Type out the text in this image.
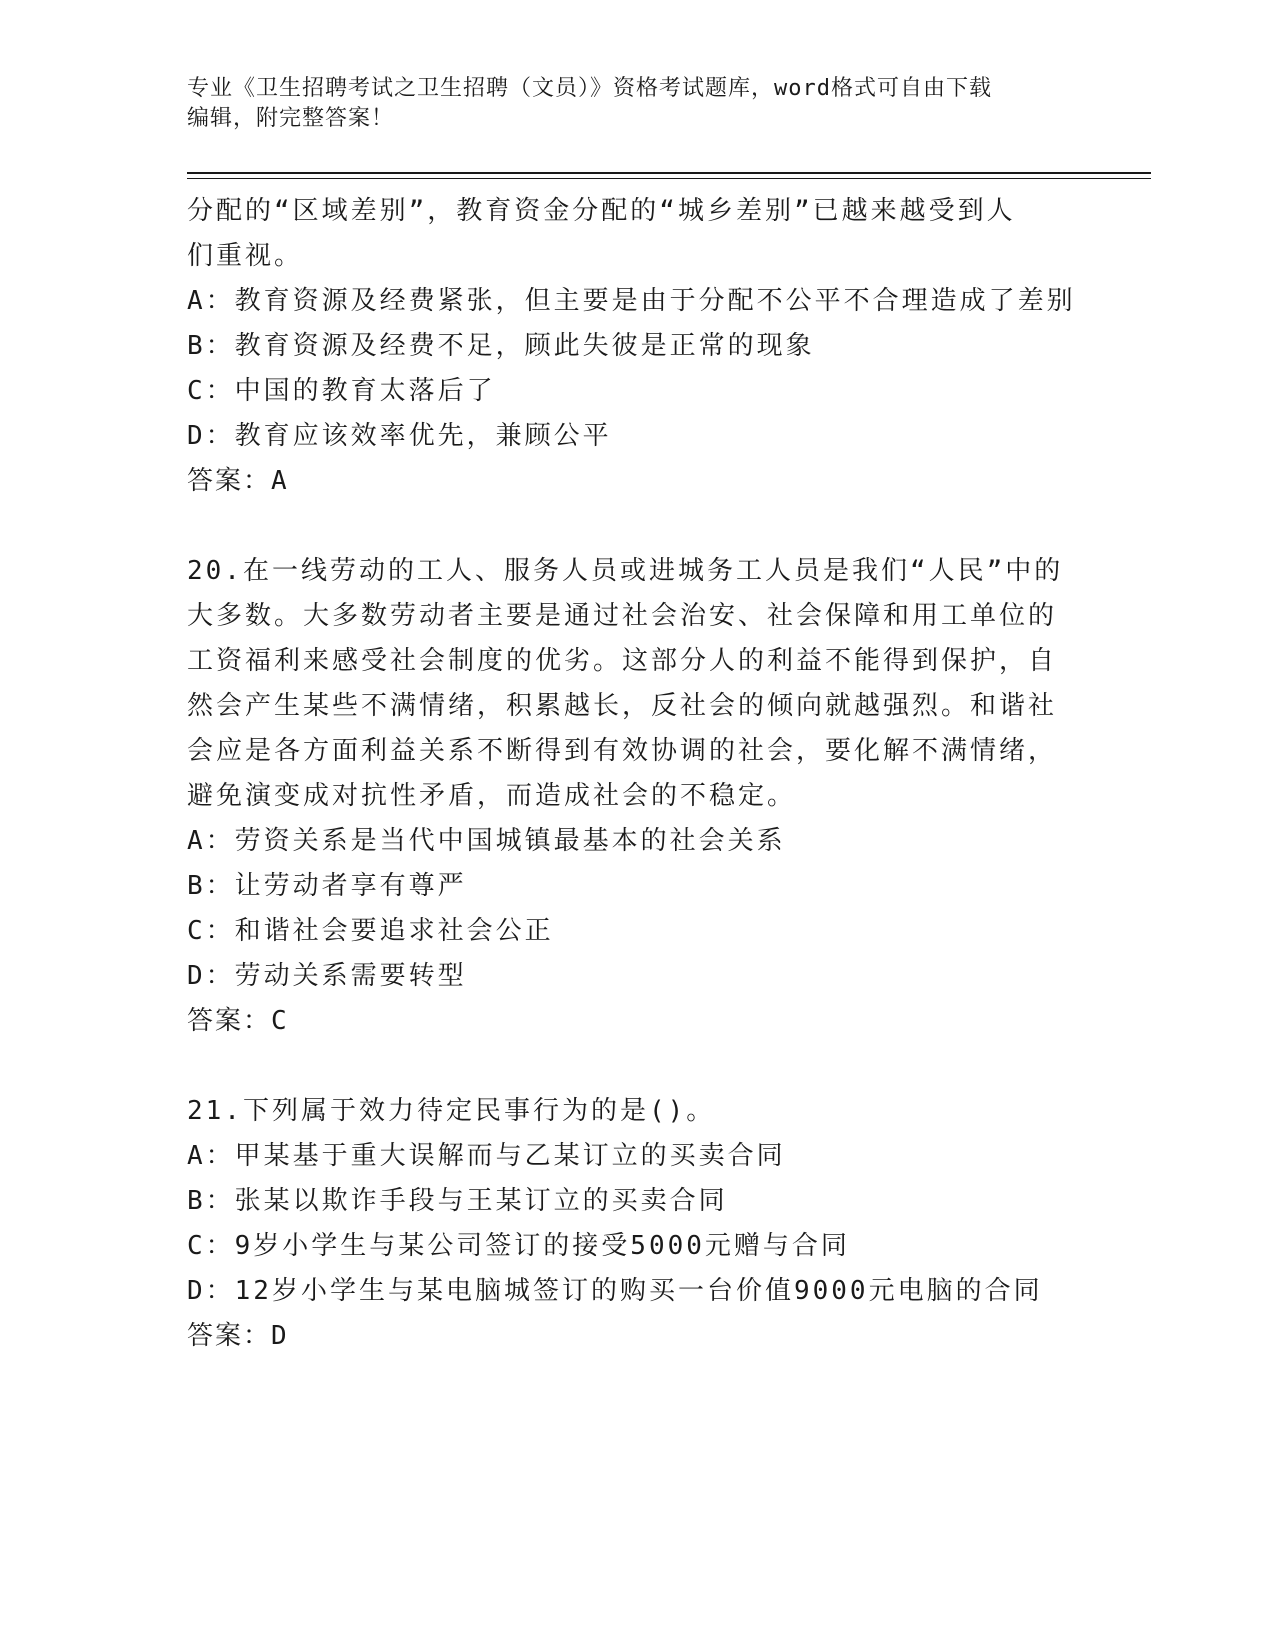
专业《卫生招聘考试之卫生招聘（文员）》资格考试题库，word格式可自由下载
编辑，附完整答案！
分配的“区域差别”，教育资金分配的“城乡差别”已越来越受到人
们重视。
A：教育资源及经费紧张，但主要是由于分配不公平不合理造成了差别
B：教育资源及经费不足，顾此失彼是正常的现象
C：中国的教育太落后了
D：教育应该效率优先，兼顾公平
答案：A
20.在一线劳动的工人、服务人员或进城务工人员是我们“人民”中的
大多数。大多数劳动者主要是通过社会治安、社会保障和用工单位的
工资福利来感受社会制度的优劣。这部分人的利益不能得到保护，自
然会产生某些不满情绪，积累越长，反社会的倾向就越强烈。和谐社
会应是各方面利益关系不断得到有效协调的社会，要化解不满情绪，
避免演变成对抗性矛盾，而造成社会的不稳定。
A：劳资关系是当代中国城镇最基本的社会关系
B：让劳动者享有尊严
C：和谐社会要追求社会公正
D：劳动关系需要转型
答案：C
21.下列属于效力待定民事行为的是()。
A：甲某基于重大误解而与乙某订立的买卖合同
B：张某以欺诈手段与王某订立的买卖合同
C：9岁小学生与某公司签订的接受5000元赠与合同
D：12岁小学生与某电脑城签订的购买一台价值9000元电脑的合同
答案：D
